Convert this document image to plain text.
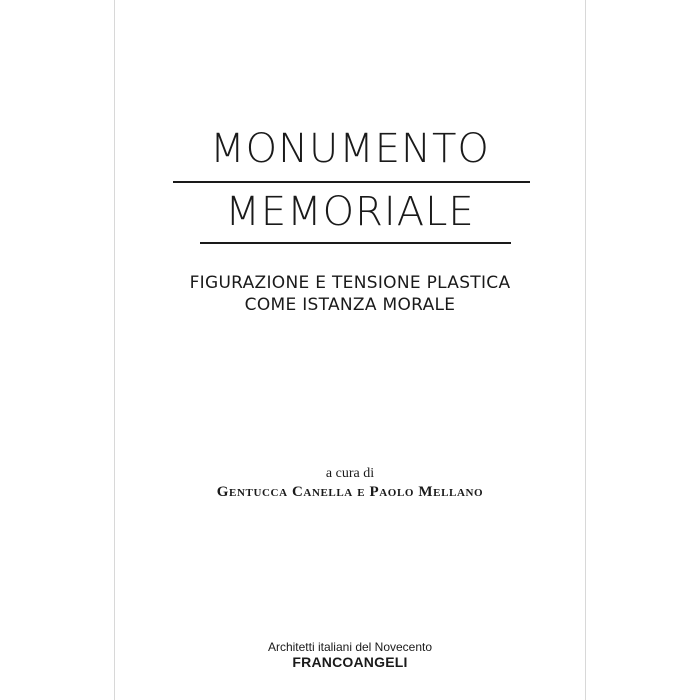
MONUMENTO
MEMORIALE
FIGURAZIONE E TENSIONE PLASTICA
COME ISTANZA MORALE
a cura di
Gentucca Canella e Paolo Mellano
Architetti italiani del Novecento
FRANCOANGELI
